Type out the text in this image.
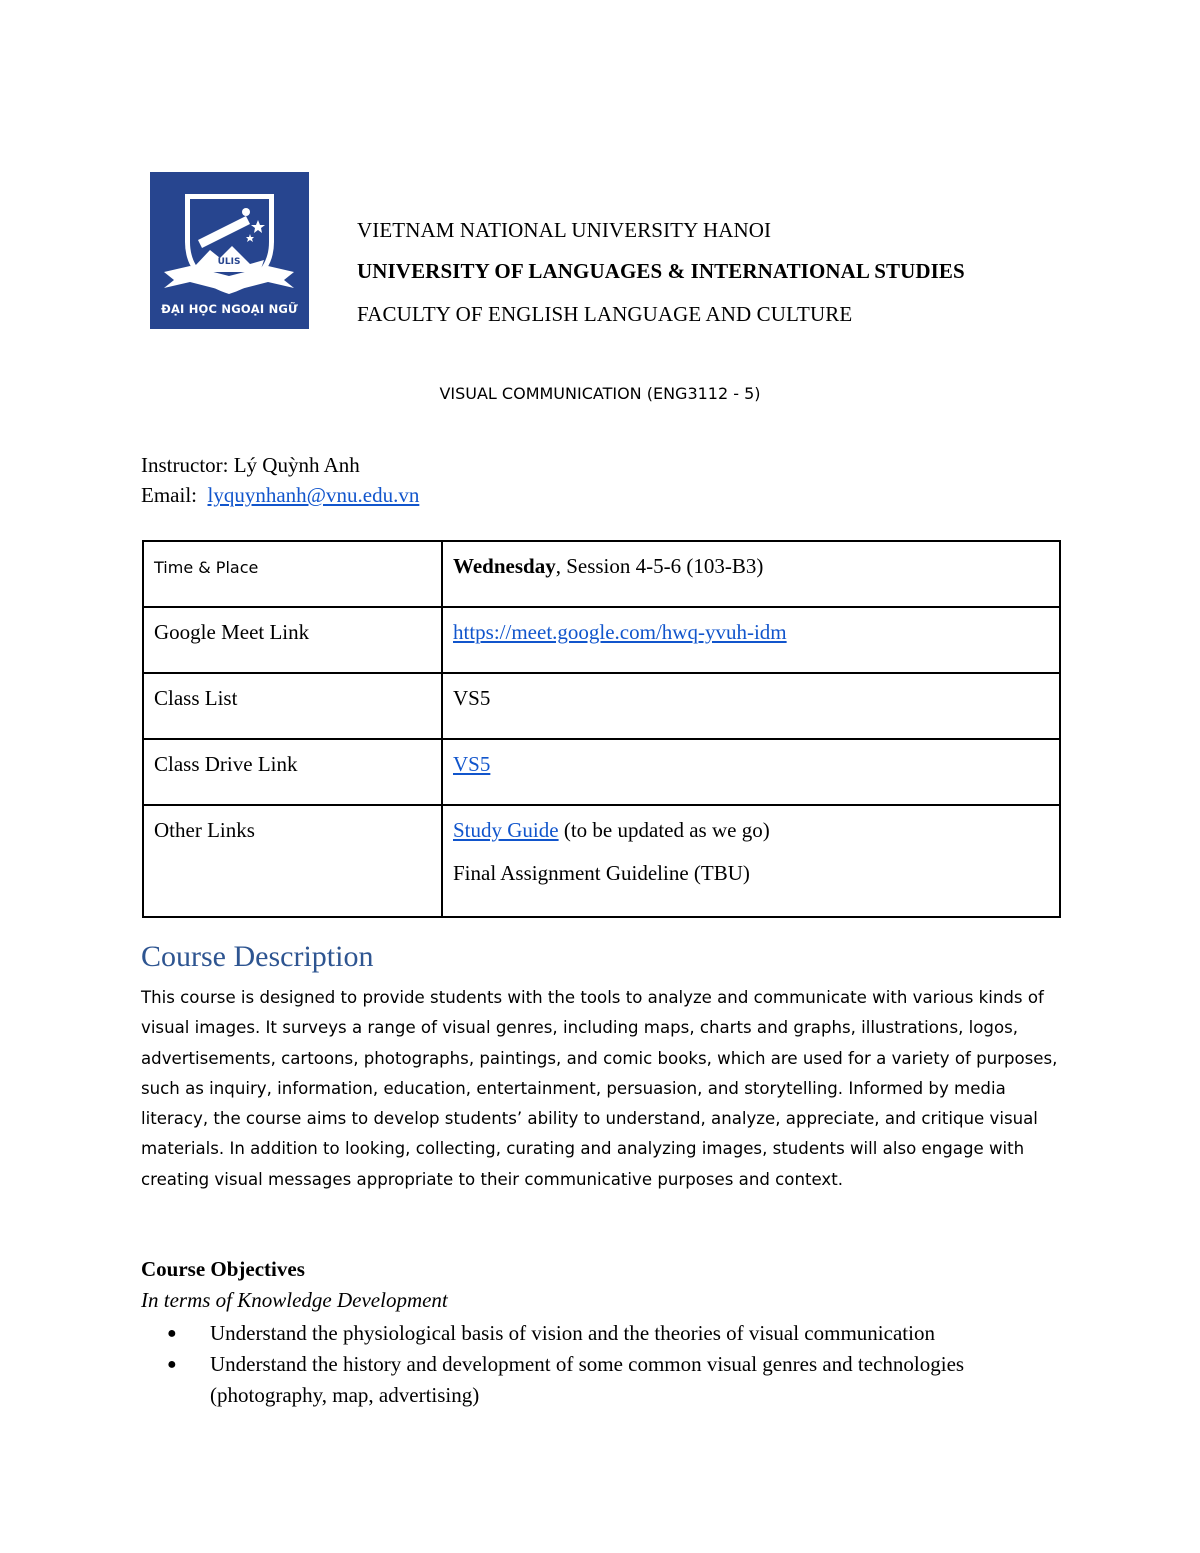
ULIS
ĐẠI HỌC NGOẠI NGỮ
VIETNAM NATIONAL UNIVERSITY HANOI
UNIVERSITY OF LANGUAGES & INTERNATIONAL STUDIES
FACULTY OF ENGLISH LANGUAGE AND CULTURE
VISUAL COMMUNICATION (ENG3112 - 5)
Instructor: Lý Quỳnh Anh
Email: lyquynhanh@vnu.edu.vn
Time & Place	Wednesday, Session 4-5-6 (103-B3)
Google Meet Link	https://meet.google.com/hwq-yvuh-idm
Class List	VS5
Class Drive Link	VS5
Other Links	Study Guide (to be updated as we go)
Final Assignment Guideline (TBU)
Course Description
This course is designed to provide students with the tools to analyze and communicate with various kinds of visual images. It surveys a range of visual genres, including maps, charts and graphs, illustrations, logos, advertisements, cartoons, photographs, paintings, and comic books, which are used for a variety of purposes, such as inquiry, information, education, entertainment, persuasion, and storytelling. Informed by media literacy, the course aims to develop students’ ability to understand, analyze, appreciate, and critique visual materials. In addition to looking, collecting, curating and analyzing images, students will also engage with creating visual messages appropriate to their communicative purposes and context.
Course Objectives
In terms of Knowledge Development
● Understand the physiological basis of vision and the theories of visual communication
● Understand the history and development of some common visual genres and technologies (photography, map, advertising)
